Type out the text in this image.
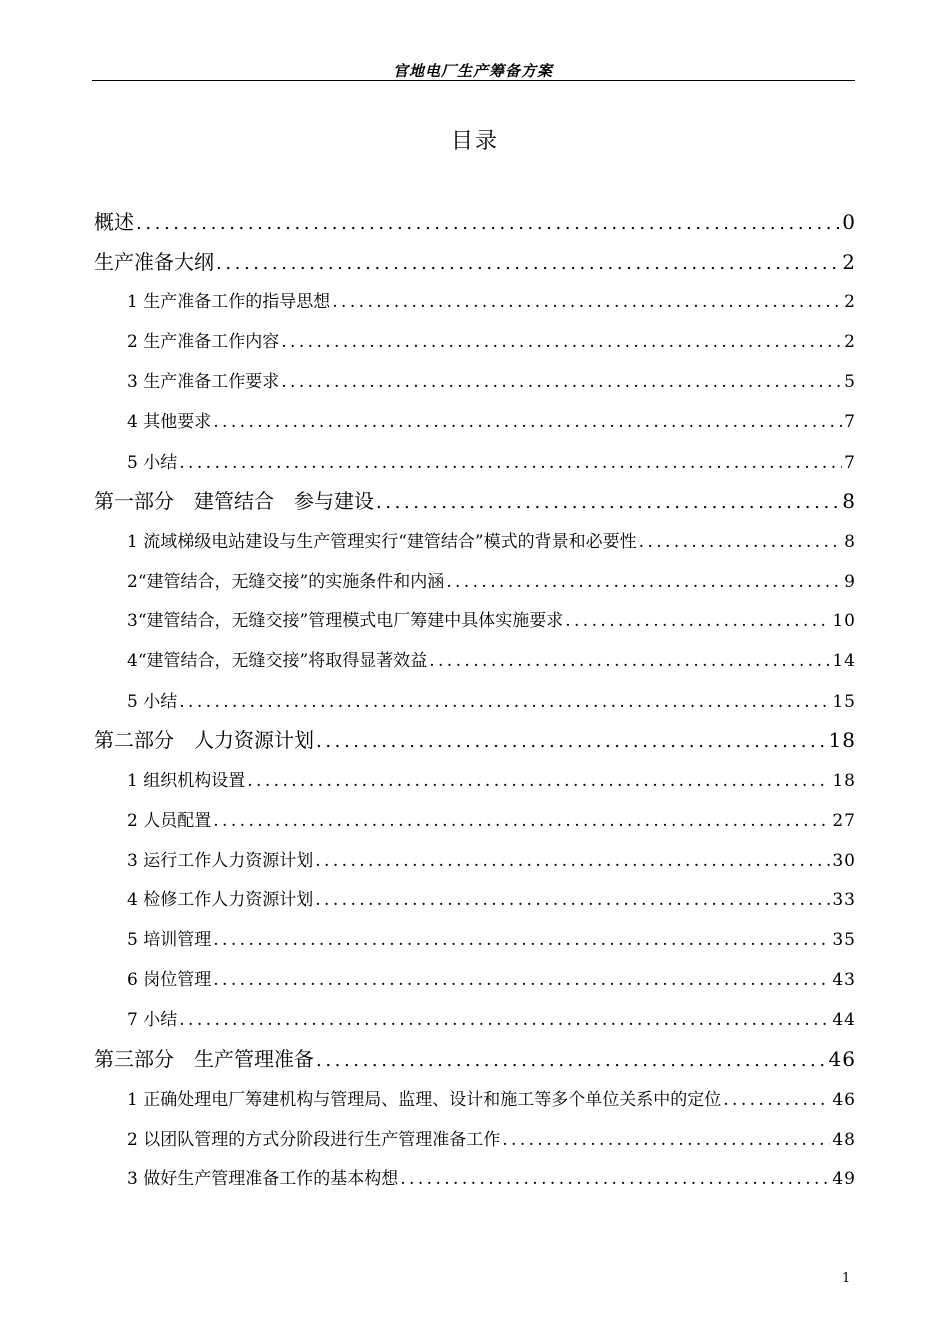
官地电厂生产筹备方案
目录
概述 .....	0
生产准备大纲 .....	2
1 生产准备工作的指导思想 .....	2
2 生产准备工作内容 .....	2
3 生产准备工作要求 .....	5
4 其他要求 .....	7
5 小结 .....	7
第一部分　建管结合　参与建设 .....	8
1 流域梯级电站建设与生产管理实行“建管结合”模式的背景和必要性 .....	8
2“建管结合，无缝交接”的实施条件和内涵 .....	9
3“建管结合，无缝交接”管理模式电厂筹建中具体实施要求 .....	10
4“建管结合，无缝交接”将取得显著效益 .....	14
5 小结 .....	15
第二部分　人力资源计划 .....	18
1 组织机构设置 .....	18
2 人员配置 .....	27
3 运行工作人力资源计划 .....	30
4 检修工作人力资源计划 .....	33
5 培训管理 .....	35
6 岗位管理 .....	43
7 小结 .....	44
第三部分　生产管理准备 .....	46
1 正确处理电厂筹建机构与管理局、监理、设计和施工等多个单位关系中的定位 .....	46
2 以团队管理的方式分阶段进行生产管理准备工作 .....	48
3 做好生产管理准备工作的基本构想 .....	49
1
